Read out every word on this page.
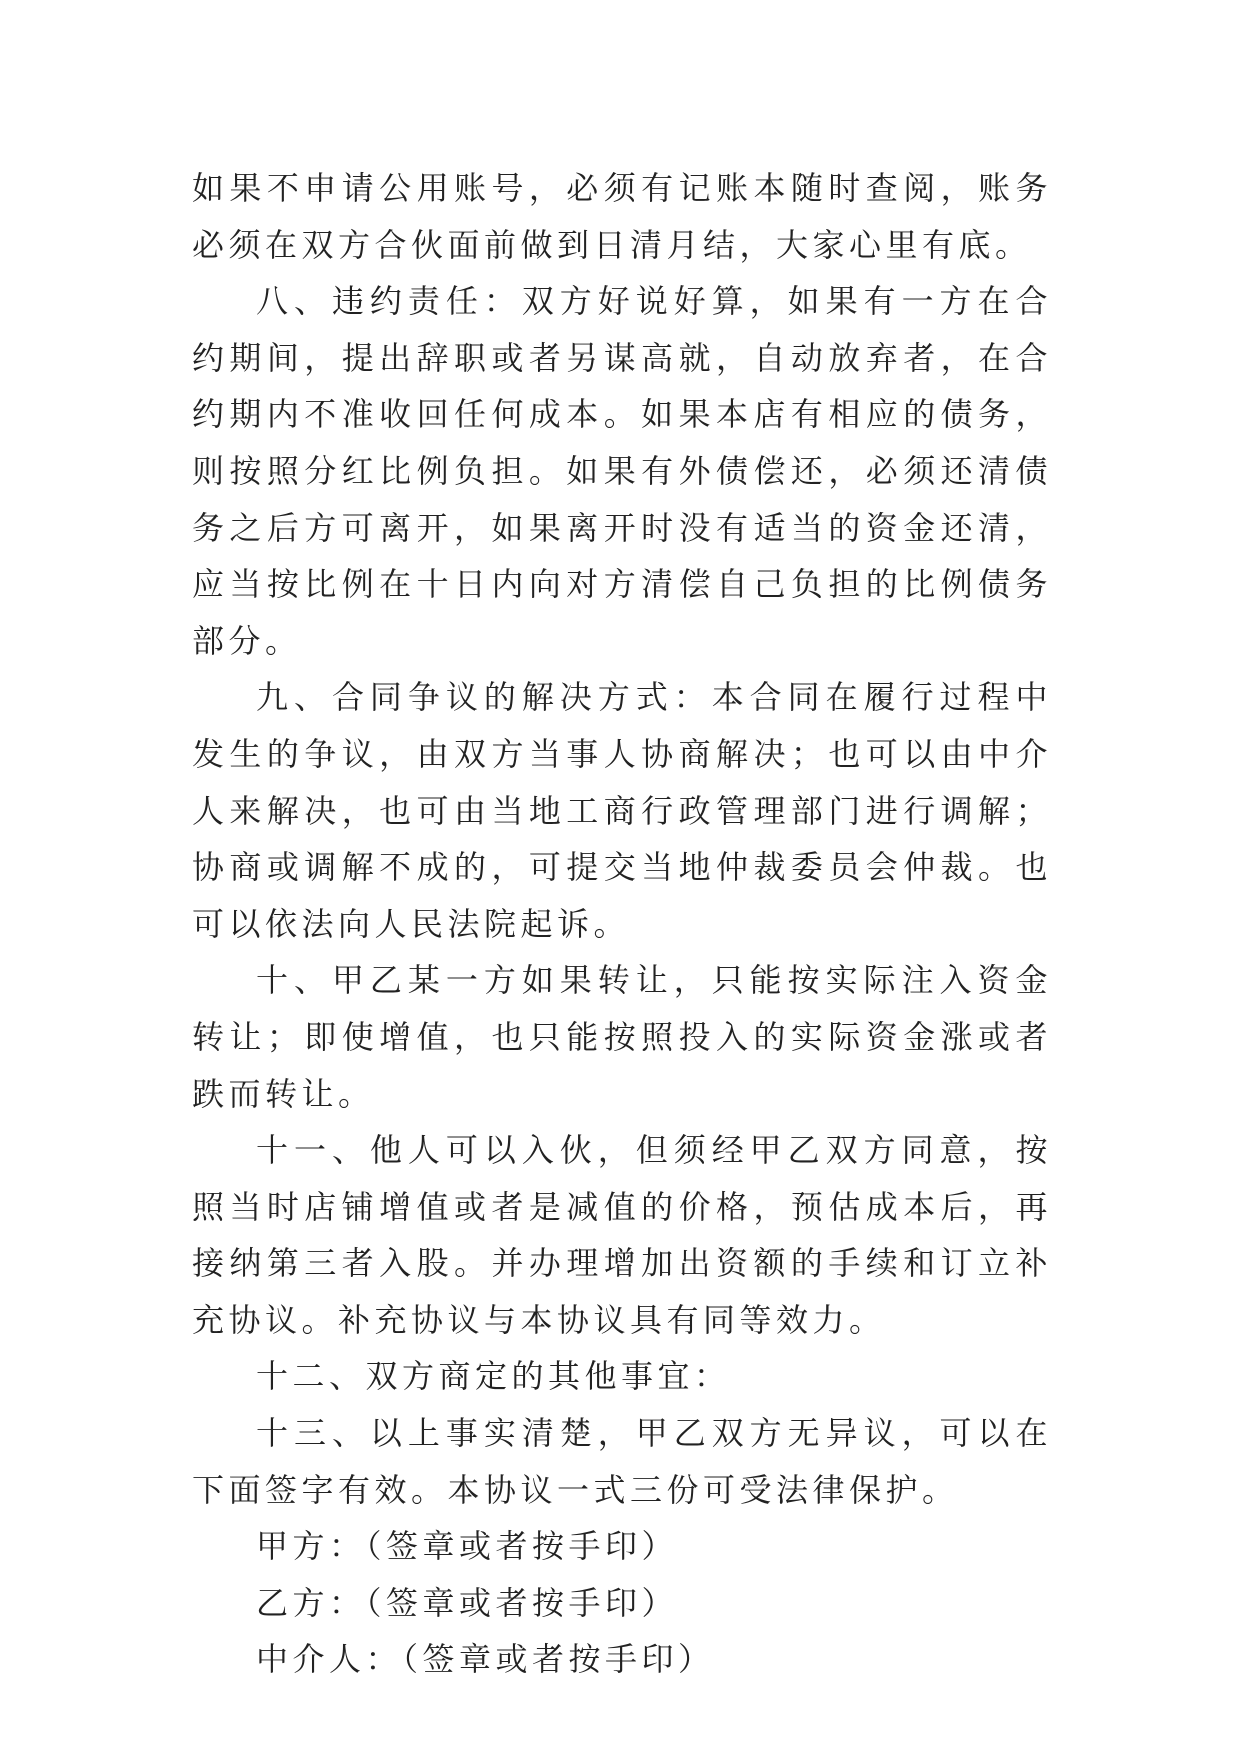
如果不申请公用账号，必须有记账本随时查阅，账务必须在双方合伙面前做到日清月结，大家心里有底。

八、违约责任：双方好说好算，如果有一方在合约期间，提出辞职或者另谋高就，自动放弃者，在合约期内不准收回任何成本。如果本店有相应的债务，则按照分红比例负担。如果有外债偿还，必须还清债务之后方可离开，如果离开时没有适当的资金还清，应当按比例在十日内向对方清偿自己负担的比例债务部分。

九、合同争议的解决方式：本合同在履行过程中发生的争议，由双方当事人协商解决；也可以由中介人来解决，也可由当地工商行政管理部门进行调解；协商或调解不成的，可提交当地仲裁委员会仲裁。也可以依法向人民法院起诉。

十、甲乙某一方如果转让，只能按实际注入资金转让；即使增值，也只能按照投入的实际资金涨或者跌而转让。

十一、他人可以入伙，但须经甲乙双方同意，按照当时店铺增值或者是减值的价格，预估成本后，再接纳第三者入股。并办理增加出资额的手续和订立补充协议。补充协议与本协议具有同等效力。

十二、双方商定的其他事宜：

十三、以上事实清楚，甲乙双方无异议，可以在下面签字有效。本协议一式三份可受法律保护。

甲方：（签章或者按手印）

乙方：（签章或者按手印）

中介人：（签章或者按手印）
